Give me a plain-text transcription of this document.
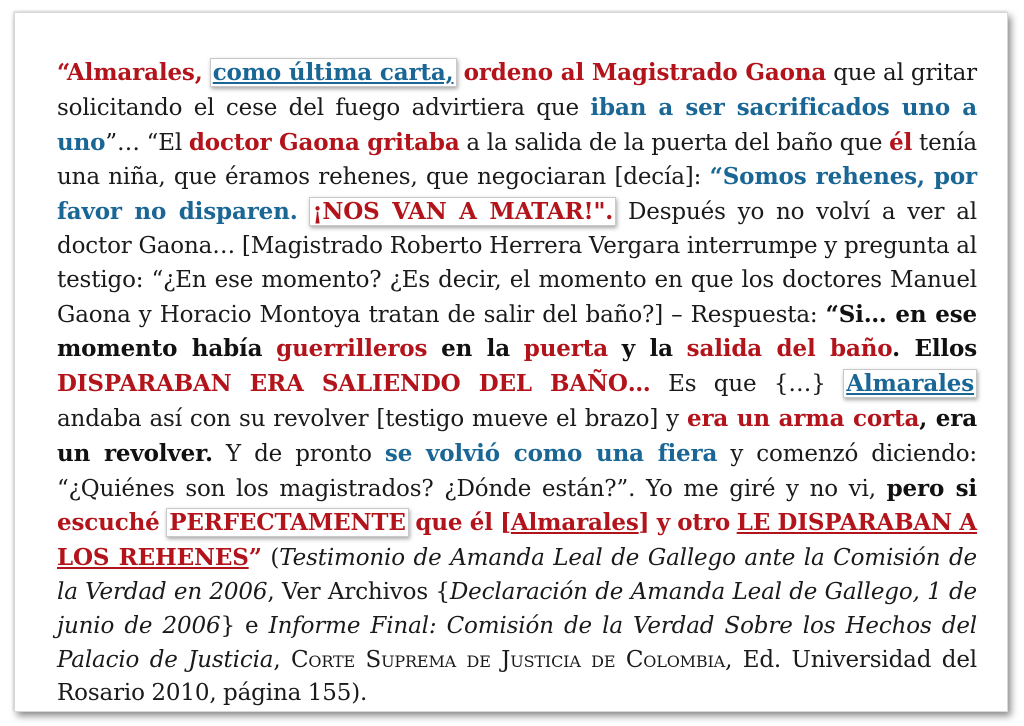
“Almarales, como última carta, ordeno al Magistrado Gaona que al gritar solicitando el cese del fuego advirtiera que iban a ser sacrificados uno a uno”… “El doctor Gaona gritaba a la salida de la puerta del baño que él tenía una niña, que éramos rehenes, que negociaran [decía]: “Somos rehenes, por favor no disparen. ¡NOS VAN A MATAR!". Después yo no volví a ver al doctor Gaona… [Magistrado Roberto Herrera Vergara interrumpe y pregunta al testigo: “¿En ese momento? ¿Es decir, el momento en que los doctores Manuel Gaona y Horacio Montoya tratan de salir del baño?] – Respuesta: “Si… en ese momento había guerrilleros en la puerta y la salida del baño. Ellos DISPARABAN ERA SALIENDO DEL BAÑO… Es que {…} Almarales andaba así con su revolver [testigo mueve el brazo] y era un arma corta, era un revolver. Y de pronto se volvió como una fiera y comenzó diciendo: “¿Quiénes son los magistrados? ¿Dónde están?”. Yo me giré y no vi, pero si escuché PERFECTAMENTE que él [Almarales] y otro LE DISPARABAN A LOS REHENES” (Testimonio de Amanda Leal de Gallego ante la Comisión de la Verdad en 2006, Ver Archivos {Declaración de Amanda Leal de Gallego, 1 de junio de 2006} e Informe Final: Comisión de la Verdad Sobre los Hechos del Palacio de Justicia, Corte Suprema de Justicia de Colombia, Ed. Universidad del Rosario 2010, página 155).
